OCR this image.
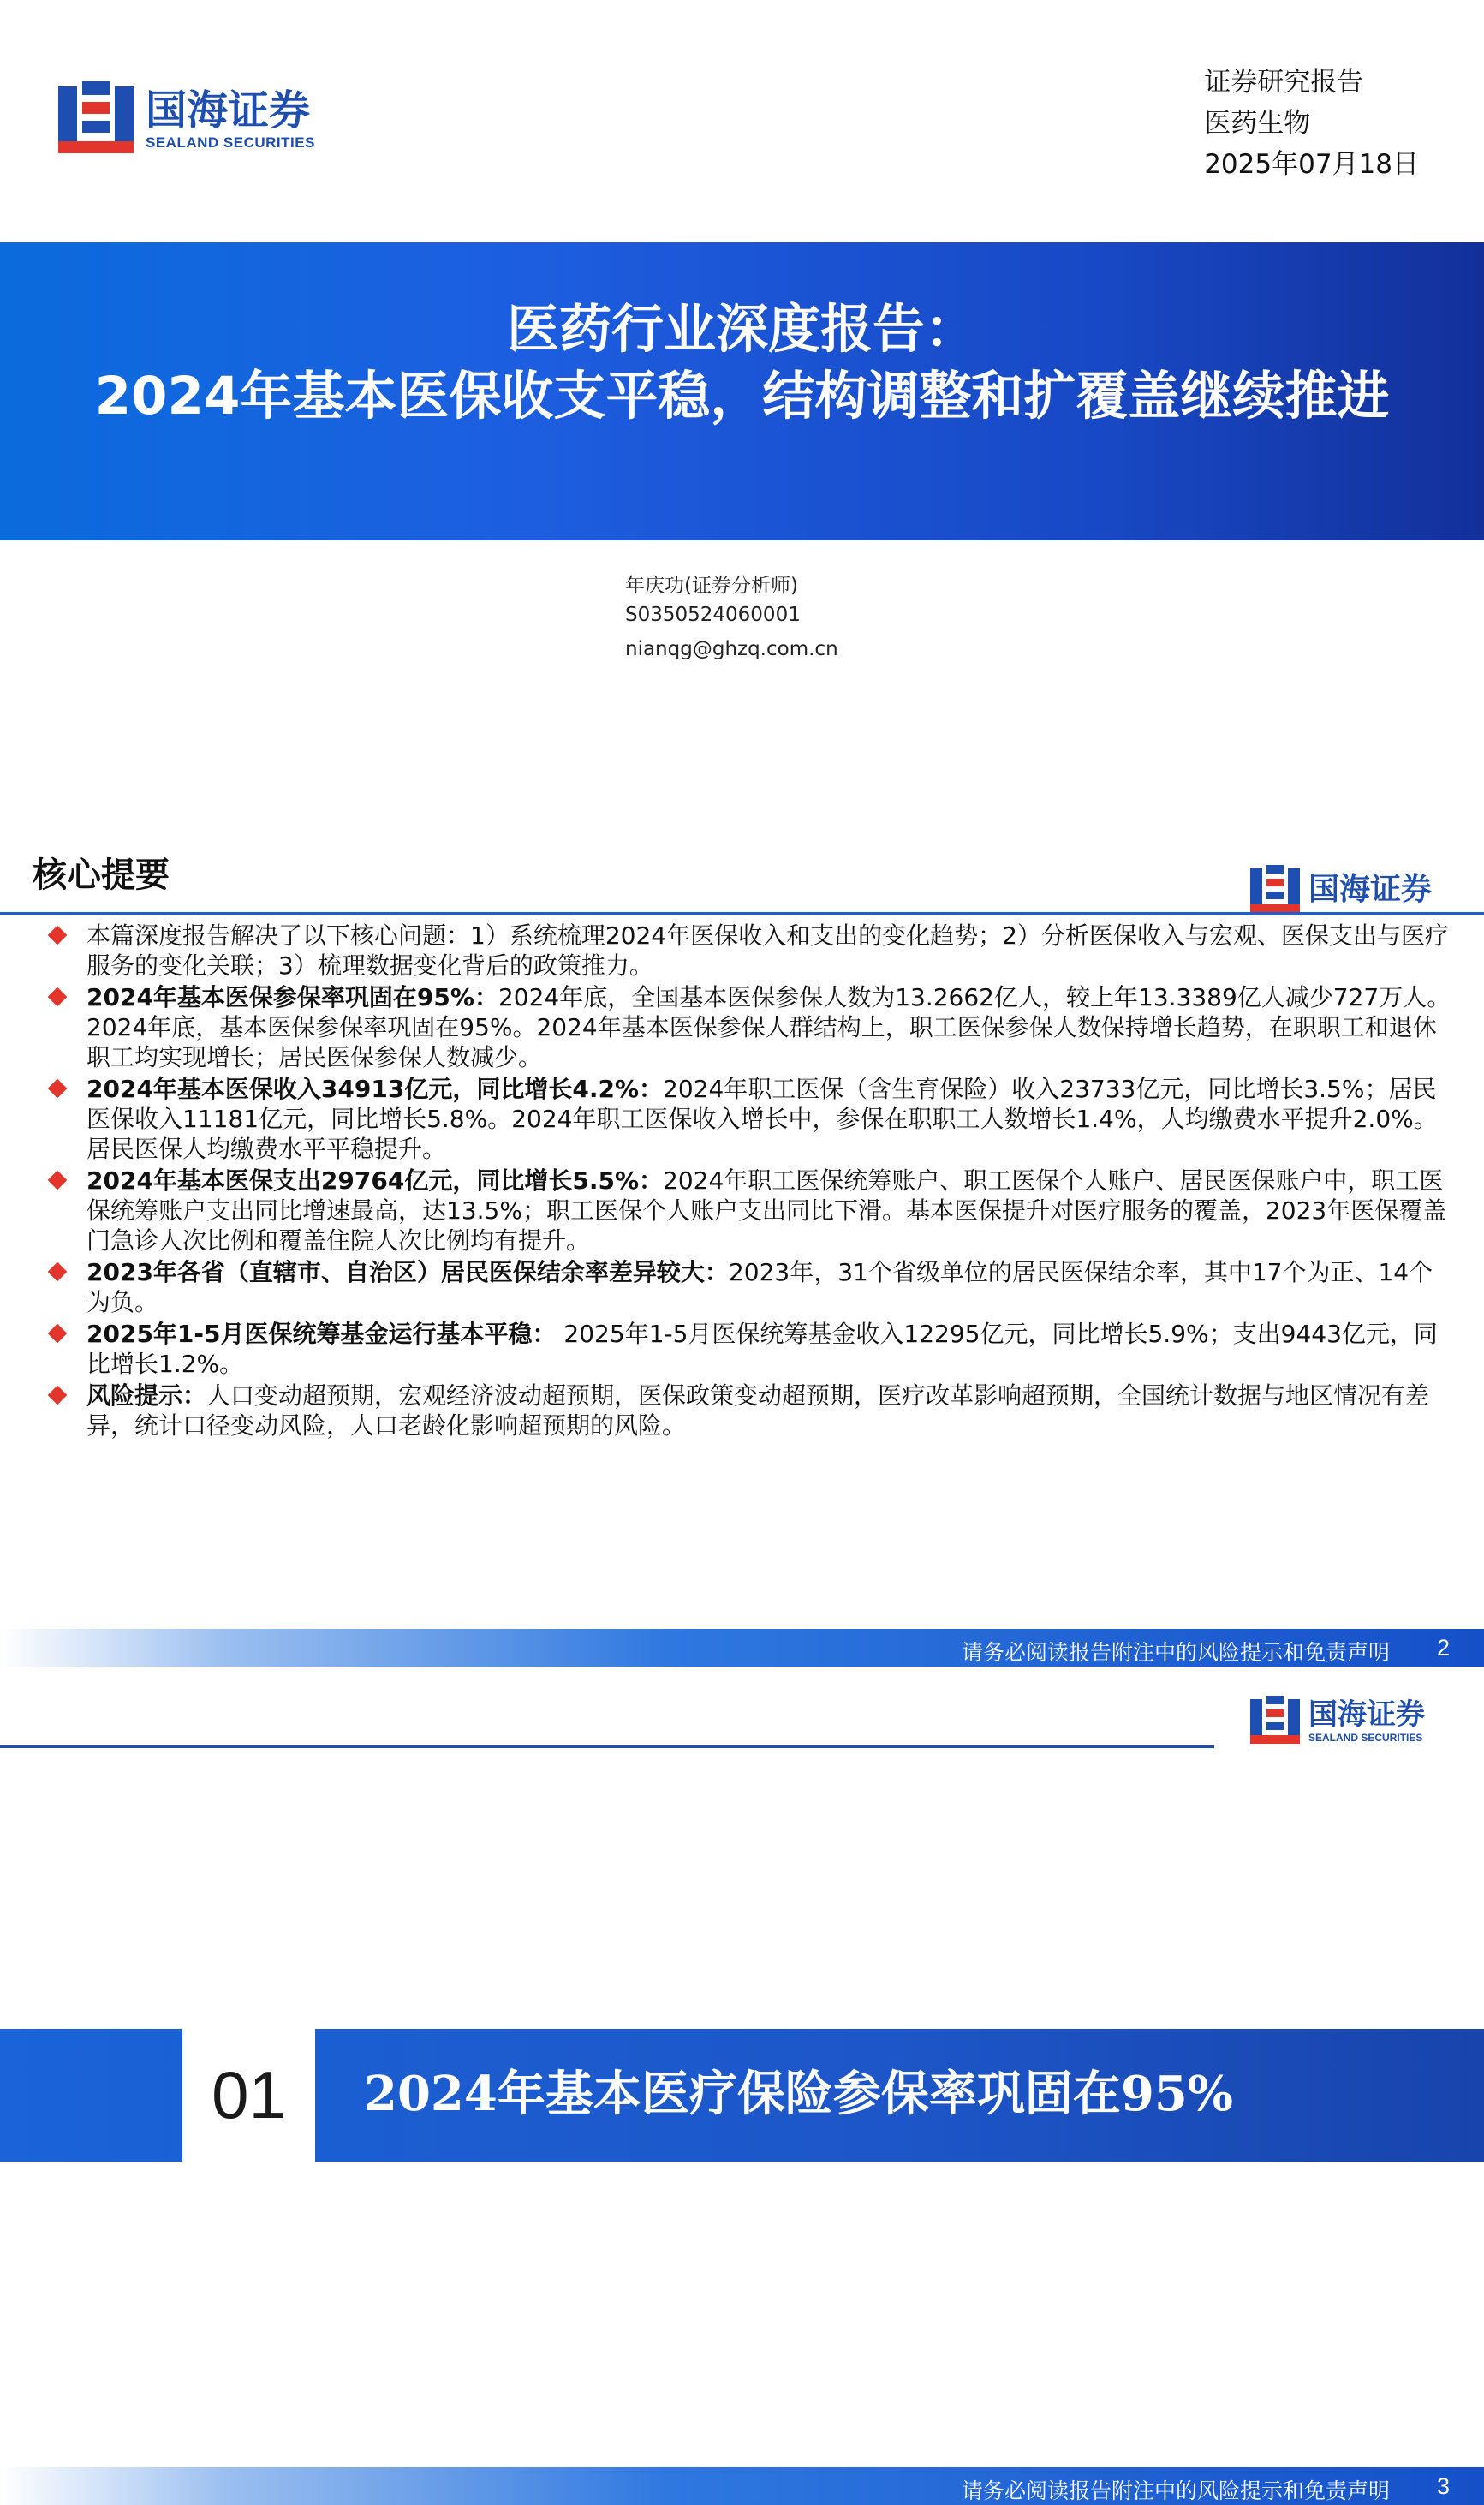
国海证券
SEALAND SECURITIES
证券研究报告
医药生物
2025年07月18日
医药行业深度报告：
2024年基本医保收支平稳，结构调整和扩覆盖继续推进
年庆功(证券分析师)
S0350524060001
nianqg@ghzq.com.cn
核心提要	国海证券
本篇深度报告解决了以下核心问题：1）系统梳理2024年医保收入和支出的变化趋势；2）分析医保收入与宏观、医保支出与医疗服务的变化关联；3）梳理数据变化背后的政策推力。
2024年基本医保参保率巩固在95%：2024年底，全国基本医保参保人数为13.2662亿人，较上年13.3389亿人减少727万人。2024年底，基本医保参保率巩固在95%。2024年基本医保参保人群结构上，职工医保参保人数保持增长趋势，在职职工和退休职工均实现增长；居民医保参保人数减少。
2024年基本医保收入34913亿元，同比增长4.2%：2024年职工医保（含生育保险）收入23733亿元，同比增长3.5%；居民医保收入11181亿元，同比增长5.8%。2024年职工医保收入增长中，参保在职职工人数增长1.4%，人均缴费水平提升2.0%。居民医保人均缴费水平平稳提升。
2024年基本医保支出29764亿元，同比增长5.5%：2024年职工医保统筹账户、职工医保个人账户、居民医保账户中，职工医保统筹账户支出同比增速最高，达13.5%；职工医保个人账户支出同比下滑。基本医保提升对医疗服务的覆盖，2023年医保覆盖门急诊人次比例和覆盖住院人次比例均有提升。
2023年各省（直辖市、自治区）居民医保结余率差异较大：2023年，31个省级单位的居民医保结余率，其中17个为正、14个为负。
2025年1-5月医保统筹基金运行基本平稳： 2025年1-5月医保统筹基金收入12295亿元，同比增长5.9%；支出9443亿元，同比增长1.2%。
风险提示：人口变动超预期，宏观经济波动超预期，医保政策变动超预期，医疗改革影响超预期，全国统计数据与地区情况有差异，统计口径变动风险，人口老龄化影响超预期的风险。
请务必阅读报告附注中的风险提示和免责声明 2
国海证券
SEALAND SECURITIES
01	2024年基本医疗保险参保率巩固在95%
请务必阅读报告附注中的风险提示和免责声明 3
